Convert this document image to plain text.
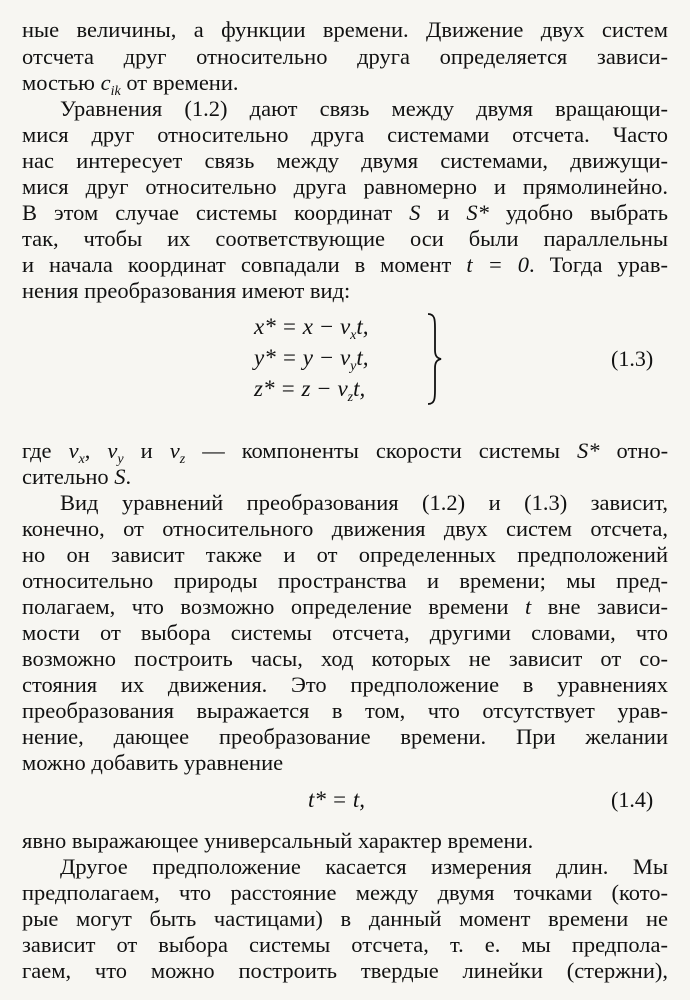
ные величины, а функции времени. Движение двух систем
отсчета друг относительно друга определяется зависи-
мостью $c_{ik}$ от времени.
Уравнения (1.2) дают связь между двумя вращающи-
мися друг относительно друга системами отсчета. Часто
нас интересует связь между двумя системами, движущи-
мися друг относительно друга равномерно и прямолинейно.
В этом случае системы координат S и S* удобно выбрать
так, чтобы их соответствующие оси были параллельны
и начала координат совпадали в момент t = 0. Тогда урав-
нения преобразования имеют вид:
$x* = x - v_xt$,
$y* = y - v_yt$,
$z* = z - v_zt$,
(1.3)
где $v_x$, $v_y$ и $v_z$ — компоненты скорости системы S* отно-
сительно S.
Вид уравнений преобразования (1.2) и (1.3) зависит,
конечно, от относительного движения двух систем отсчета,
но он зависит также и от определенных предположений
относительно природы пространства и времени; мы пред-
полагаем, что возможно определение времени t вне зависи-
мости от выбора системы отсчета, другими словами, что
возможно построить часы, ход которых не зависит от со-
стояния их движения. Это предположение в уравнениях
преобразования выражается в том, что отсутствует урав-
нение, дающее преобразование времени. При желании
можно добавить уравнение
t* = t,	(1.4)
явно выражающее универсальный характер времени.
Другое предположение касается измерения длин. Мы
предполагаем, что расстояние между двумя точками (кото-
рые могут быть частицами) в данный момент времени не
зависит от выбора системы отсчета, т. е. мы предпола-
гаем, что можно построить твердые линейки (стержни),
